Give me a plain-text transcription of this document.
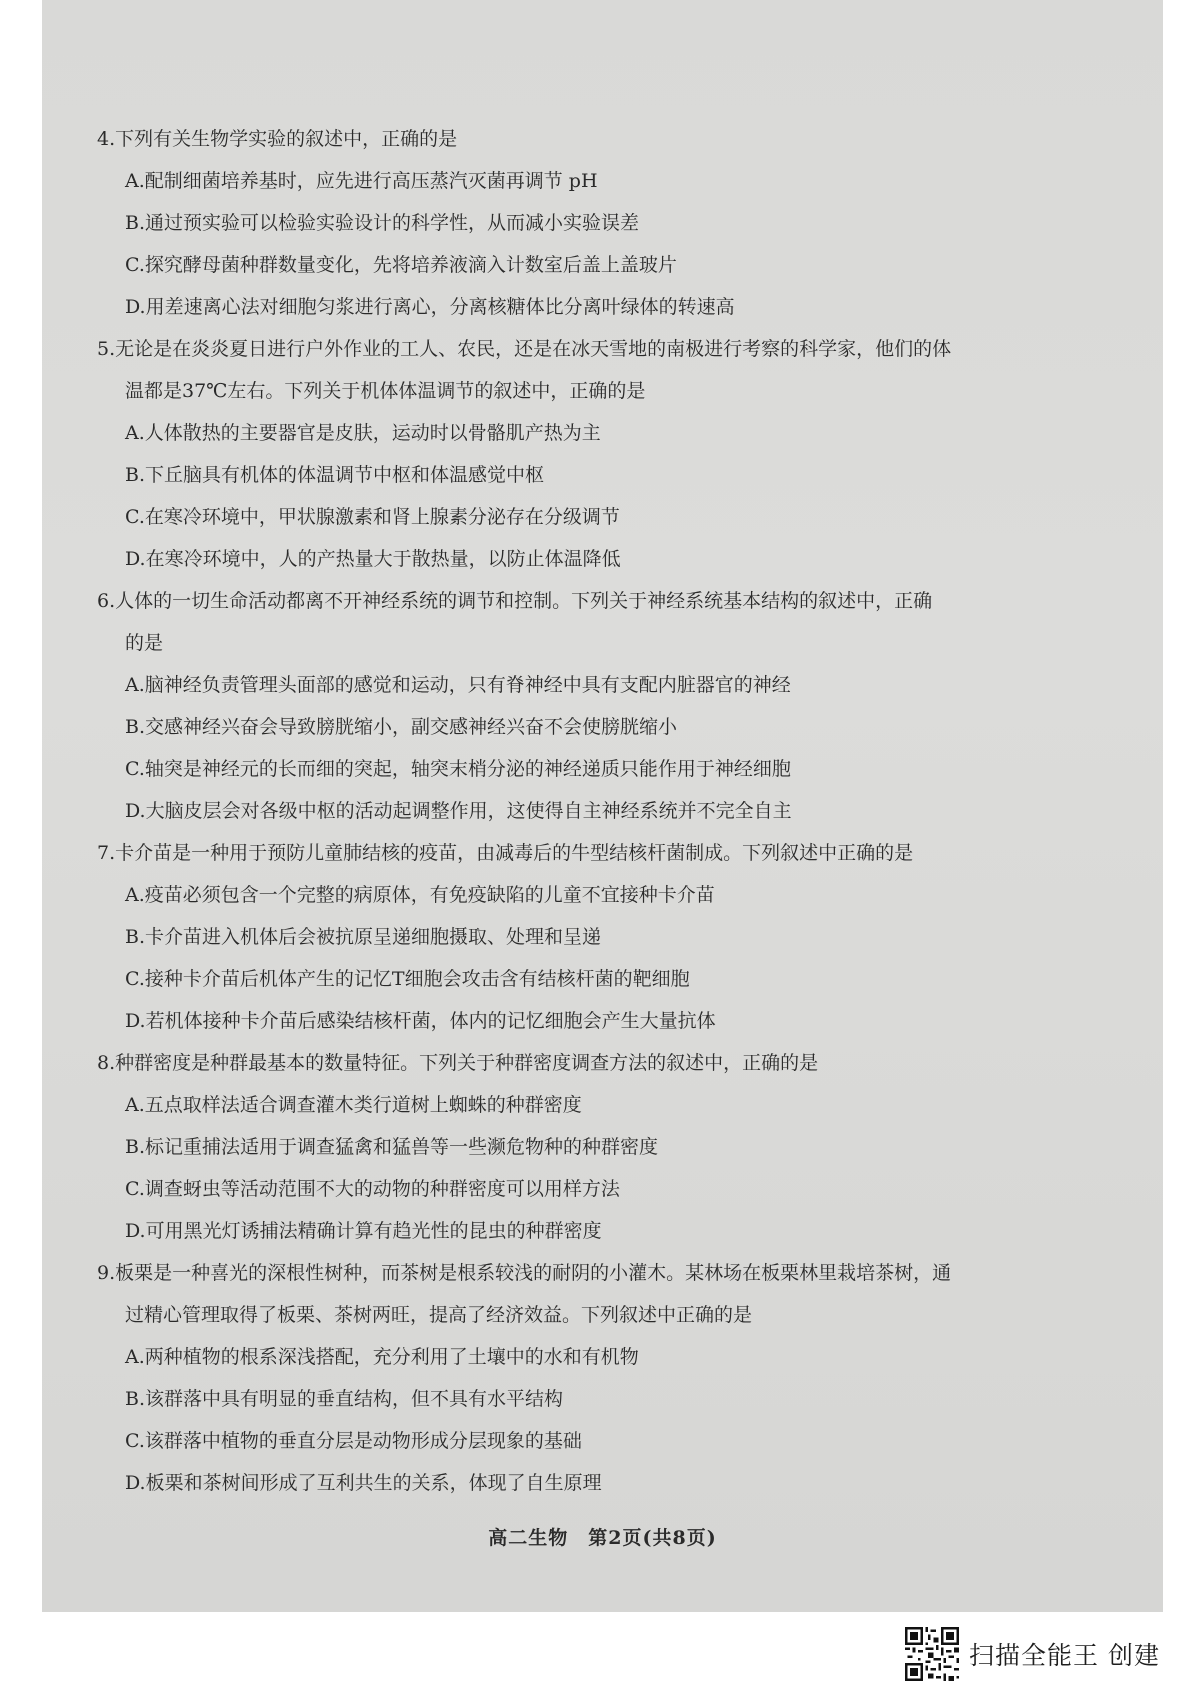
4.下列有关生物学实验的叙述中，正确的是
A.配制细菌培养基时，应先进行高压蒸汽灭菌再调节 pH
B.通过预实验可以检验实验设计的科学性，从而减小实验误差
C.探究酵母菌种群数量变化，先将培养液滴入计数室后盖上盖玻片
D.用差速离心法对细胞匀浆进行离心，分离核糖体比分离叶绿体的转速高
5.无论是在炎炎夏日进行户外作业的工人、农民，还是在冰天雪地的南极进行考察的科学家，他们的体
温都是37℃左右。下列关于机体体温调节的叙述中，正确的是
A.人体散热的主要器官是皮肤，运动时以骨骼肌产热为主
B.下丘脑具有机体的体温调节中枢和体温感觉中枢
C.在寒冷环境中，甲状腺激素和肾上腺素分泌存在分级调节
D.在寒冷环境中，人的产热量大于散热量，以防止体温降低
6.人体的一切生命活动都离不开神经系统的调节和控制。下列关于神经系统基本结构的叙述中，正确
的是
A.脑神经负责管理头面部的感觉和运动，只有脊神经中具有支配内脏器官的神经
B.交感神经兴奋会导致膀胱缩小，副交感神经兴奋不会使膀胱缩小
C.轴突是神经元的长而细的突起，轴突末梢分泌的神经递质只能作用于神经细胞
D.大脑皮层会对各级中枢的活动起调整作用，这使得自主神经系统并不完全自主
7.卡介苗是一种用于预防儿童肺结核的疫苗，由减毒后的牛型结核杆菌制成。下列叙述中正确的是
A.疫苗必须包含一个完整的病原体，有免疫缺陷的儿童不宜接种卡介苗
B.卡介苗进入机体后会被抗原呈递细胞摄取、处理和呈递
C.接种卡介苗后机体产生的记忆T细胞会攻击含有结核杆菌的靶细胞
D.若机体接种卡介苗后感染结核杆菌，体内的记忆细胞会产生大量抗体
8.种群密度是种群最基本的数量特征。下列关于种群密度调查方法的叙述中，正确的是
A.五点取样法适合调查灌木类行道树上蜘蛛的种群密度
B.标记重捕法适用于调查猛禽和猛兽等一些濒危物种的种群密度
C.调查蚜虫等活动范围不大的动物的种群密度可以用样方法
D.可用黑光灯诱捕法精确计算有趋光性的昆虫的种群密度
9.板栗是一种喜光的深根性树种，而茶树是根系较浅的耐阴的小灌木。某林场在板栗林里栽培茶树，通
过精心管理取得了板栗、茶树两旺，提高了经济效益。下列叙述中正确的是
A.两种植物的根系深浅搭配，充分利用了土壤中的水和有机物
B.该群落中具有明显的垂直结构，但不具有水平结构
C.该群落中植物的垂直分层是动物形成分层现象的基础
D.板栗和茶树间形成了互利共生的关系，体现了自生原理
高二生物　第2页(共8页)
扫描全能王 创建
